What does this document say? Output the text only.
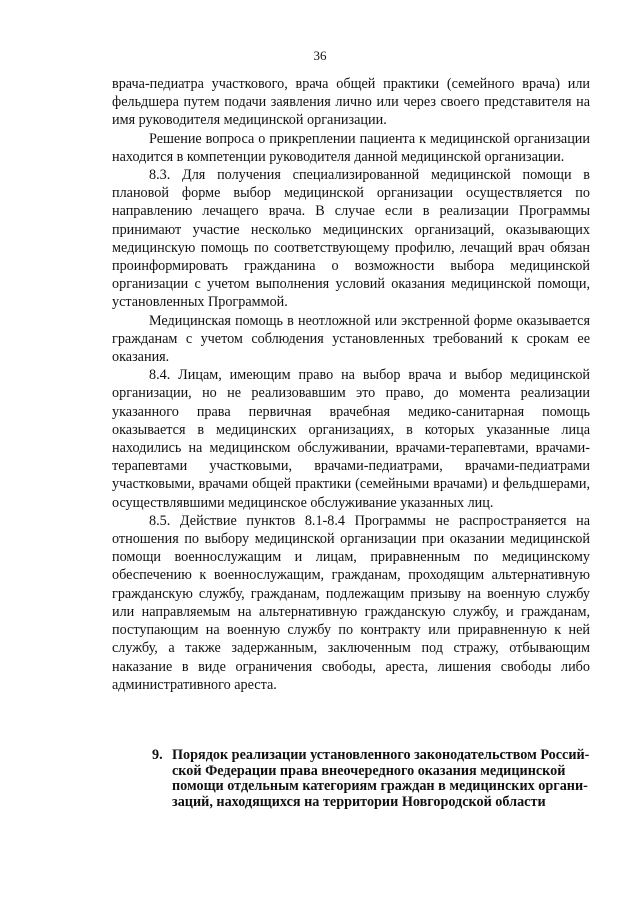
36

врача-педиатра участкового, врача общей практики (семейного врача) или фельдшера путем подачи заявления лично или через своего представителя на имя руководителя медицинской организации.

Решение вопроса о прикреплении пациента к медицинской организации находится в компетенции руководителя данной медицинской организации.

8.3. Для получения специализированной медицинской помощи в плановой форме выбор медицинской организации осуществляется по направлению лечащего врача. В случае если в реализации Программы принимают участие несколько медицинских организаций, оказывающих медицинскую помощь по соответствующему профилю, лечащий врач обязан проинформировать гражданина о возможности выбора медицинской организации с учетом выполнения условий оказания медицинской помощи, установленных Программой.

Медицинская помощь в неотложной или экстренной форме оказывается гражданам с учетом соблюдения установленных требований к срокам ее оказания.

8.4. Лицам, имеющим право на выбор врача и выбор медицинской организации, но не реализовавшим это право, до момента реализации указанного права первичная врачебная медико-санитарная помощь оказывается в медицинских организациях, в которых указанные лица находились на медицинском обслуживании, врачами-терапевтами, врачами-терапевтами участковыми, врачами-педиатрами, врачами-педиатрами участковыми, врачами общей практики (семейными врачами) и фельдшерами, осуществлявшими медицинское обслуживание указанных лиц.

8.5. Действие пунктов 8.1-8.4 Программы не распространяется на отношения по выбору медицинской организации при оказании медицинской помощи военнослужащим и лицам, приравненным по медицинскому обеспечению к военнослужащим, гражданам, проходящим альтернативную гражданскую службу, гражданам, подлежащим призыву на военную службу или направляемым на альтернативную гражданскую службу, и гражданам, поступающим на военную службу по контракту или приравненную к ней службу, а также задержанным, заключенным под стражу, отбывающим наказание в виде ограничения свободы, ареста, лишения свободы либо административного ареста.

9. Порядок реализации установленного законодательством Россий-
ской Федерации права внеочередного оказания медицинской
помощи отдельным категориям граждан в медицинских органи-
заций, находящихся на территории Новгородской области
